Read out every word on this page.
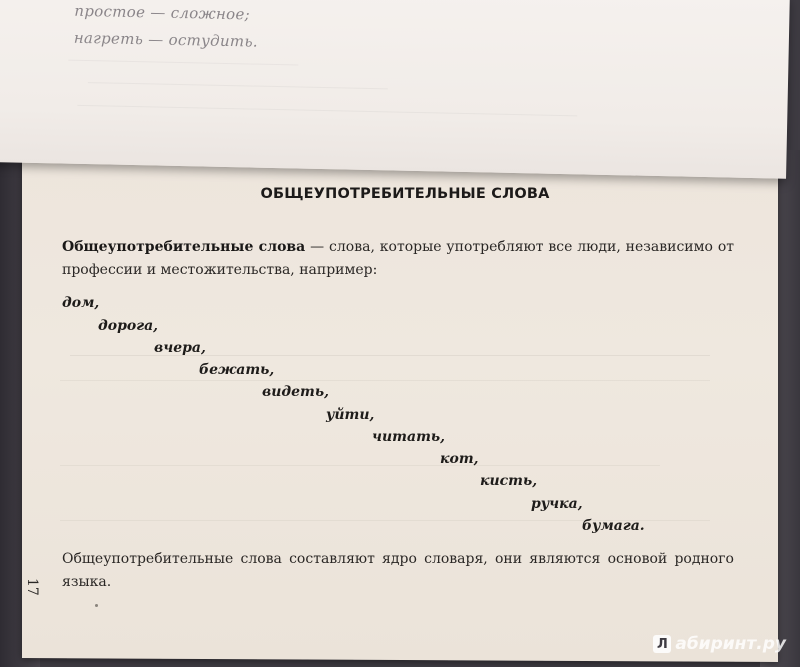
простое — сложное;
нагреть — остудить.
ОБЩЕУПОТРЕБИТЕЛЬНЫЕ СЛОВА
Общеупотребительные слова — слова, которые употребляют все люди, независимо от профессии и местожительства, например:
дом,
дорога,
вчера,
бежать,
видеть,
уйти,
читать,
кот,
кисть,
ручка,
бумага.
Общеупотребительные слова составляют ядро словаря, они являются основой родного языка.
17
Л абиринт.ру
